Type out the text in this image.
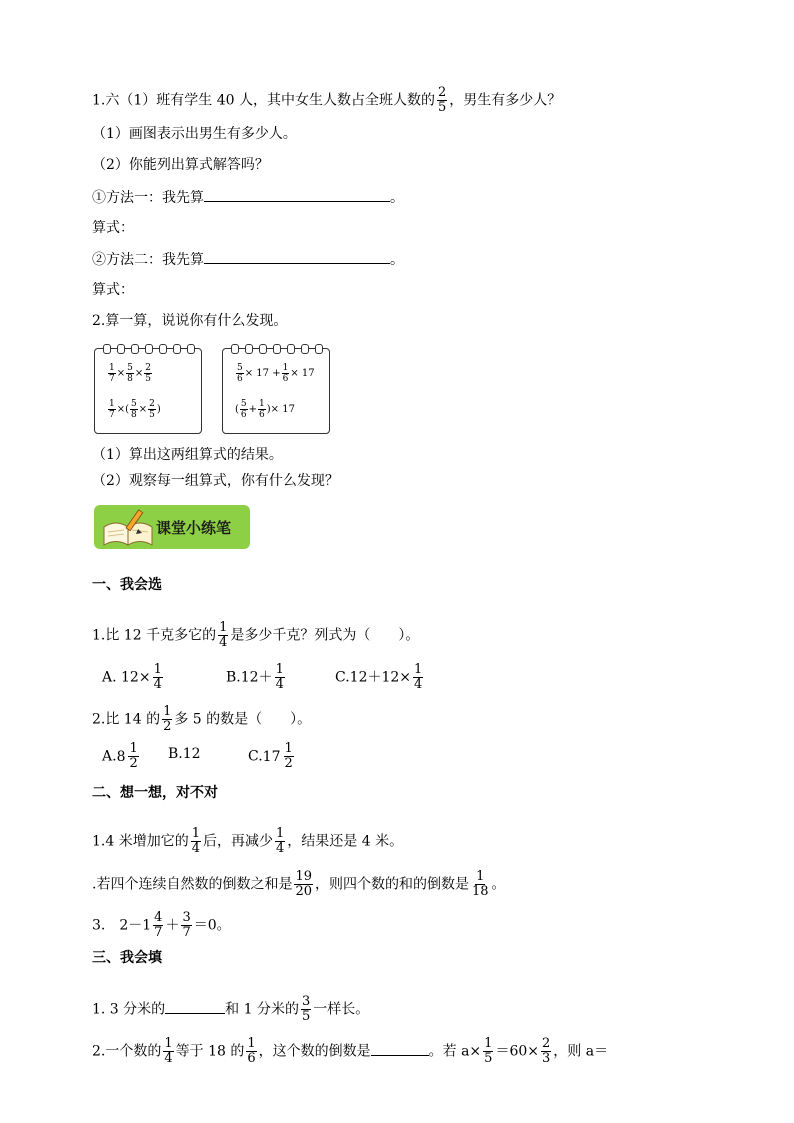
1.六（1）班有学生 40 人，其中女生人数占全班人数的 $\frac{2}{5}$ ，男生有多少人？
（1）画图表示出男生有多少人。
（2）你能列出算式解答吗？
①方法一：我先算	。
算式：
②方法二：我先算	。
算式：
2.算一算，说说你有什么发现。
$\frac{1}{7} \times \frac{5}{8} \times \frac{2}{5}$
$\frac{1}{7}$ ×( $\frac{5}{8} \times \frac{2}{5}$ )
$\frac{5}{6} \times 17 + \frac{1}{6} \times 17$
( 5
$6 + \frac{1}{6}$ )× 17
（1）算出这两组算式的结果。
（2）观察每一组算式，你有什么发现？
课堂小练笔
一、我会选
1.比 12 千克多它的 $\frac{1}{4}$ 是多少千克？列式为（　　）。
A. $12\times \frac{1}{4}$	$B.12+ \frac{1}{4}$	$C.12+12\times \frac{1}{4}$
2.比 14 的 $\frac{1}{2}$ 多 5 的数是（　　）。
A. 8 1
2
B.12	C. 17 1
2
二、想一想，对不对
1.4 米增加它的 $\frac{1}{4}$ 后，再减少 $\frac{1}{4}$ ，结果还是 4 米。
.若四个连续自然数的倒数之和是 $\frac{19}{20}$ ，则四个数的和的倒数是 $\frac{1}{18}$ 。
3.　$2-1 \frac{4}{7} + \frac{3}{7} =0$。
三、我会填
1. 3 分米的	和 1 分米的 $\frac{3}{5}$ 一样长。
2.一个数的 $\frac{1}{4}$ 等于 18 的 $\frac{1}{6}$ ，这个数的倒数是	。若 $a\times \frac{1}{5} =60\times \frac{2}{3}$ ，则 a＝
